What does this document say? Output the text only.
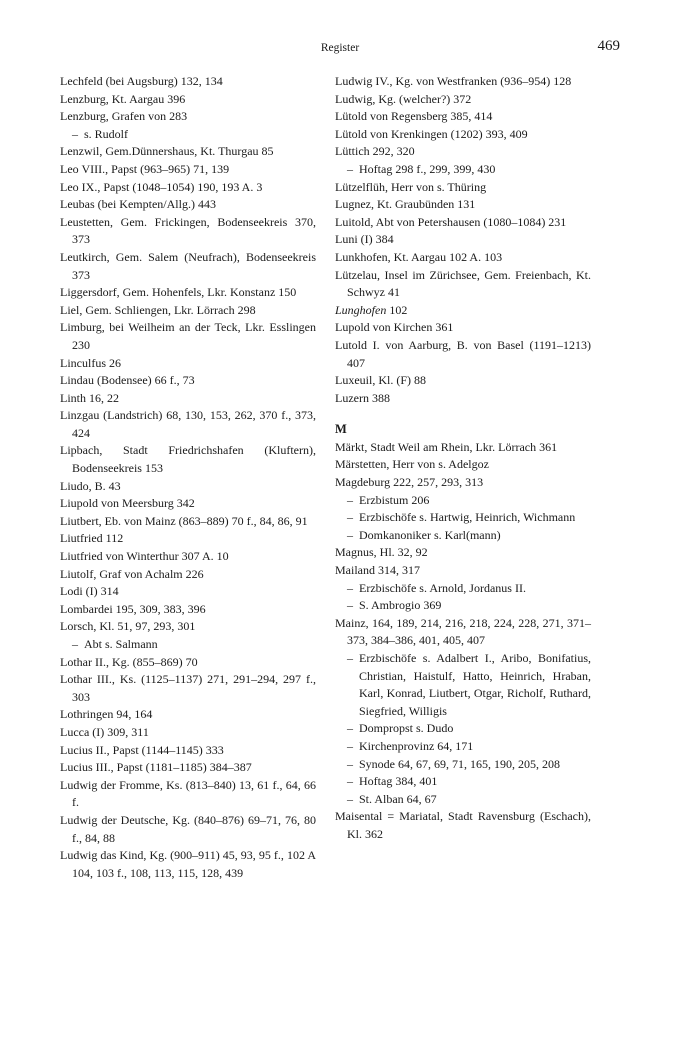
Register	469
Lechfeld (bei Augsburg) 132, 134
Lenzburg, Kt. Aargau 396
Lenzburg, Grafen von 283
– s. Rudolf
Lenzwil, Gem.Dünnershaus, Kt. Thurgau 85
Leo VIII., Papst (963–965) 71, 139
Leo IX., Papst (1048–1054) 190, 193 A. 3
Leubas (bei Kempten/Allg.) 443
Leustetten, Gem. Frickingen, Bodenseekreis 370, 373
Leutkirch, Gem. Salem (Neufrach), Bodenseekreis 373
Liggersdorf, Gem. Hohenfels, Lkr. Konstanz 150
Liel, Gem. Schliengen, Lkr. Lörrach 298
Limburg, bei Weilheim an der Teck, Lkr. Esslingen 230
Linculfus 26
Lindau (Bodensee) 66 f., 73
Linth 16, 22
Linzgau (Landstrich) 68, 130, 153, 262, 370 f., 373, 424
Lipbach, Stadt Friedrichshafen (Kluftern), Bodenseekreis 153
Liudo, B. 43
Liupold von Meersburg 342
Liutbert, Eb. von Mainz (863–889) 70 f., 84, 86, 91
Liutfried 112
Liutfried von Winterthur 307 A. 10
Liutolf, Graf von Achalm 226
Lodi (I) 314
Lombardei 195, 309, 383, 396
Lorsch, Kl. 51, 97, 293, 301
– Abt s. Salmann
Lothar II., Kg. (855–869) 70
Lothar III., Ks. (1125–1137) 271, 291–294, 297 f., 303
Lothringen 94, 164
Lucca (I) 309, 311
Lucius II., Papst (1144–1145) 333
Lucius III., Papst (1181–1185) 384–387
Ludwig der Fromme, Ks. (813–840) 13, 61 f., 64, 66 f.
Ludwig der Deutsche, Kg. (840–876) 69–71, 76, 80 f., 84, 88
Ludwig das Kind, Kg. (900–911) 45, 93, 95 f., 102 A 104, 103 f., 108, 113, 115, 128, 439
Ludwig IV., Kg. von Westfranken (936–954) 128
Ludwig, Kg. (welcher?) 372
Lütold von Regensberg 385, 414
Lütold von Krenkingen (1202) 393, 409
Lüttich 292, 320
– Hoftag 298 f., 299, 399, 430
Lützelflüh, Herr von s. Thüring
Lugnez, Kt. Graubünden 131
Luitold, Abt von Petershausen (1080–1084) 231
Luni (I) 384
Lunkhofen, Kt. Aargau 102 A. 103
Lützelau, Insel im Zürichsee, Gem. Freienbach, Kt. Schwyz 41
Lunghofen 102
Lupold von Kirchen 361
Lutold I. von Aarburg, B. von Basel (1191–1213) 407
Luxeuil, Kl. (F) 88
Luzern 388
M
Märkt, Stadt Weil am Rhein, Lkr. Lörrach 361
Märstetten, Herr von s. Adelgoz
Magdeburg 222, 257, 293, 313
– Erzbistum 206
– Erzbischöfe s. Hartwig, Heinrich, Wichmann
– Domkanoniker s. Karl(mann)
Magnus, Hl. 32, 92
Mailand 314, 317
– Erzbischöfe s. Arnold, Jordanus II.
– S. Ambrogio 369
Mainz, 164, 189, 214, 216, 218, 224, 228, 271, 371–373, 384–386, 401, 405, 407
– Erzbischöfe s. Adalbert I., Aribo, Bonifatius, Christian, Haistulf, Hatto, Heinrich, Hraban, Karl, Konrad, Liutbert, Otgar, Richolf, Ruthard, Siegfried, Willigis
– Dompropst s. Dudo
– Kirchenprovinz 64, 171
– Synode 64, 67, 69, 71, 165, 190, 205, 208
– Hoftag 384, 401
– St. Alban 64, 67
Maisental = Mariatal, Stadt Ravensburg (Eschach), Kl. 362
